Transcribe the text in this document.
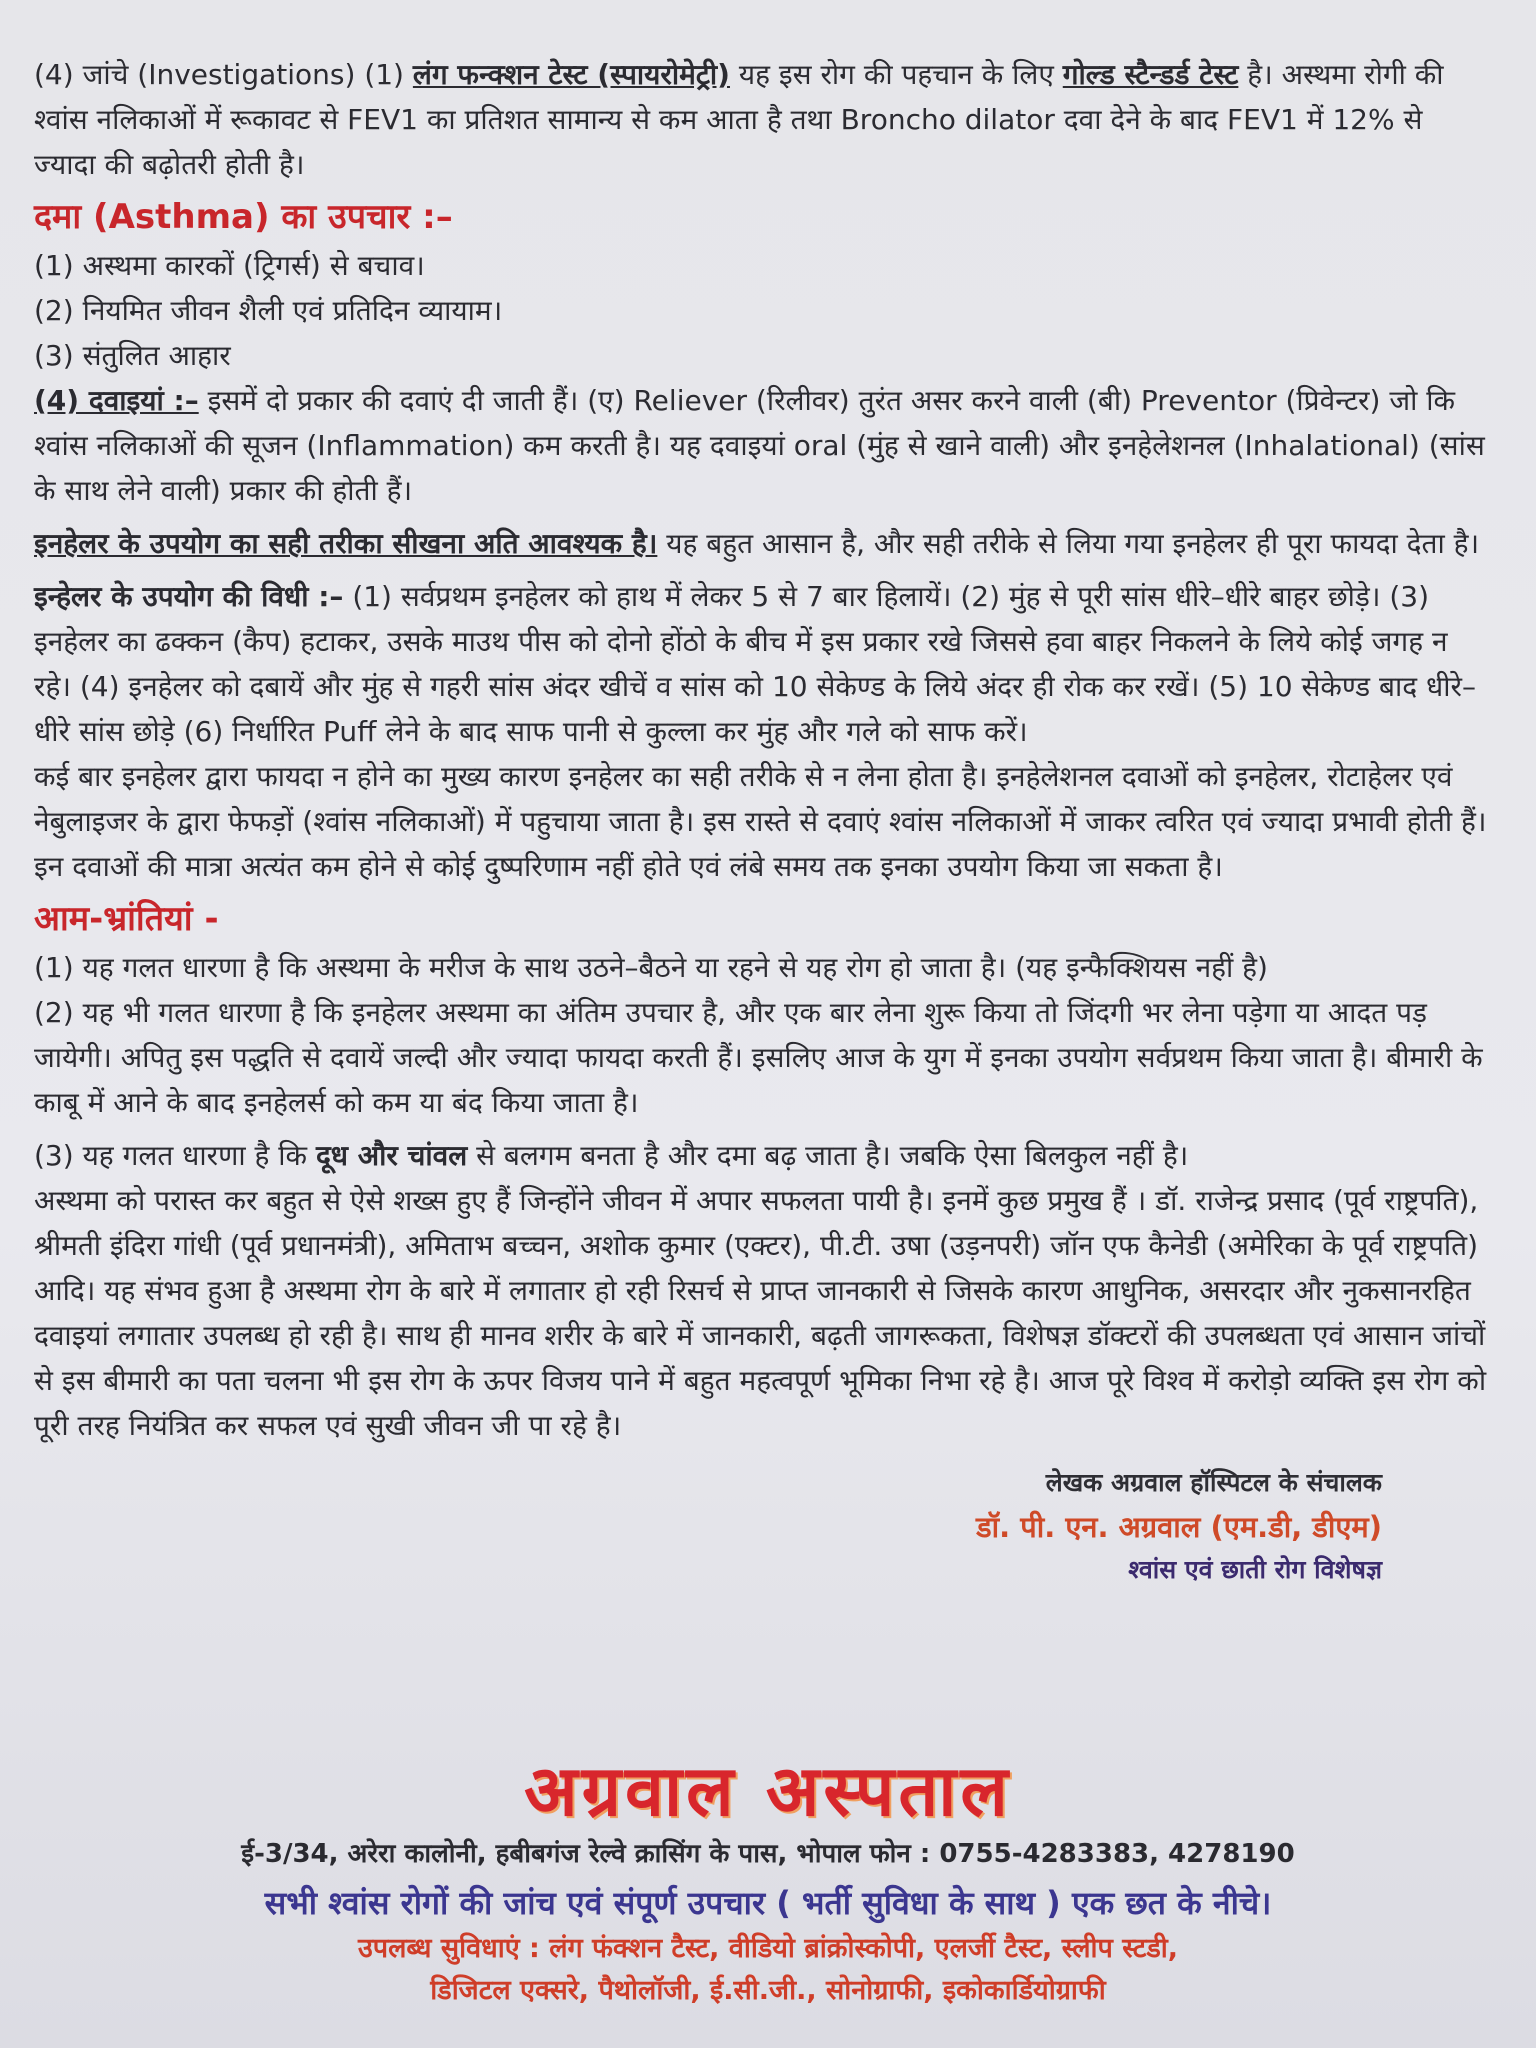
(4) जांचे (Investigations) (1) लंग फन्क्शन टेस्ट (स्पायरोमेट्री) यह इस रोग की पहचान के लिए गोल्ड स्टैन्डर्ड टेस्ट है। अस्थमा रोगी की श्वांस नलिकाओं में रूकावट से FEV1 का प्रतिशत सामान्य से कम आता है तथा Broncho dilator दवा देने के बाद FEV1 में 12% से ज्यादा की बढ़ोतरी होती है।

दमा (Asthma) का उपचार :–

(1) अस्थमा कारकों (ट्रिगर्स) से बचाव।

(2) नियमित जीवन शैली एवं प्रतिदिन व्यायाम।

(3) संतुलित आहार

(4) दवाइयां :– इसमें दो प्रकार की दवाएं दी जाती हैं। (ए) Reliever (रिलीवर) तुरंत असर करने वाली (बी) Preventor (प्रिवेन्टर) जो कि श्वांस नलिकाओं की सूजन (Inflammation) कम करती है। यह दवाइयां oral (मुंह से खाने वाली) और इनहेलेशनल (Inhalational) (सांस के साथ लेने वाली) प्रकार की होती हैं।

इनहेलर के उपयोग का सही तरीका सीखना अति आवश्यक है। यह बहुत आसान है, और सही तरीके से लिया गया इनहेलर ही पूरा फायदा देता है।

इन्हेलर के उपयोग की विधी :– (1) सर्वप्रथम इनहेलर को हाथ में लेकर 5 से 7 बार हिलायें। (2) मुंह से पूरी सांस धीरे–धीरे बाहर छोड़े। (3) इनहेलर का ढक्कन (कैप) हटाकर, उसके माउथ पीस को दोनो होंठो के बीच में इस प्रकार रखे जिससे हवा बाहर निकलने के लिये कोई जगह न रहे। (4) इनहेलर को दबायें और मुंह से गहरी सांस अंदर खीचें व सांस को 10 सेकेण्ड के लिये अंदर ही रोक कर रखें। (5) 10 सेकेण्ड बाद धीरे–धीरे सांस छोड़े (6) निर्धारित Puff लेने के बाद साफ पानी से कुल्ला कर मुंह और गले को साफ करें।

कई बार इनहेलर द्वारा फायदा न होने का मुख्य कारण इनहेलर का सही तरीके से न लेना होता है। इनहेलेशनल दवाओं को इनहेलर, रोटाहेलर एवं नेबुलाइजर के द्वारा फेफड़ों (श्वांस नलिकाओं) में पहुचाया जाता है। इस रास्ते से दवाएं श्वांस नलिकाओं में जाकर त्वरित एवं ज्यादा प्रभावी होती हैं। इन दवाओं की मात्रा अत्यंत कम होने से कोई दुष्परिणाम नहीं होते एवं लंबे समय तक इनका उपयोग किया जा सकता है।

आम-भ्रांतियां -

(1) यह गलत धारणा है कि अस्थमा के मरीज के साथ उठने–बैठने या रहने से यह रोग हो जाता है। (यह इन्फैक्शियस नहीं है)

(2) यह भी गलत धारणा है कि इनहेलर अस्थमा का अंतिम उपचार है, और एक बार लेना शुरू किया तो जिंदगी भर लेना पड़ेगा या आदत पड़ जायेगी। अपितु इस पद्धति से दवायें जल्दी और ज्यादा फायदा करती हैं। इसलिए आज के युग में इनका उपयोग सर्वप्रथम किया जाता है। बीमारी के काबू में आने के बाद इनहेलर्स को कम या बंद किया जाता है।

(3) यह गलत धारणा है कि दूध और चांवल से बलगम बनता है और दमा बढ़ जाता है। जबकि ऐसा बिलकुल नहीं है।

अस्थमा को परास्त कर बहुत से ऐसे शख्स हुए हैं जिन्होंने जीवन में अपार सफलता पायी है। इनमें कुछ प्रमुख हैं । डॉ. राजेन्द्र प्रसाद (पूर्व राष्ट्रपति), श्रीमती इंदिरा गांधी (पूर्व प्रधानमंत्री), अमिताभ बच्चन, अशोक कुमार (एक्टर), पी.टी. उषा (उड़नपरी) जॉन एफ कैनेडी (अमेरिका के पूर्व राष्ट्रपति) आदि। यह संभव हुआ है अस्थमा रोग के बारे में लगातार हो रही रिसर्च से प्राप्त जानकारी से जिसके कारण आधुनिक, असरदार और नुकसानरहित दवाइयां लगातार उपलब्ध हो रही है। साथ ही मानव शरीर के बारे में जानकारी, बढ़ती जागरूकता, विशेषज्ञ डॉक्टरों की उपलब्धता एवं आसान जांचों से इस बीमारी का पता चलना भी इस रोग के ऊपर विजय पाने में बहुत महत्वपूर्ण भूमिका निभा रहे है। आज पूरे विश्व में करोड़ो व्यक्ति इस रोग को पूरी तरह नियंत्रित कर सफल एवं सुखी जीवन जी पा रहे है।

लेखक अग्रवाल हॉस्पिटल के संचालक
डॉ. पी. एन. अग्रवाल (एम.डी, डीएम)
श्वांस एवं छाती रोग विशेषज्ञ
अग्रवाल अस्पताल
ई-3/34, अरेरा कालोनी, हबीबगंज रेल्वे क्रासिंग के पास, भोपाल फोन : 0755-4283383, 4278190
सभी श्वांस रोगों की जांच एवं संपूर्ण उपचार ( भर्ती सुविधा के साथ ) एक छत के नीचे।
उपलब्ध सुविधाएं : लंग फंक्शन टैस्ट, वीडियो ब्रांक्रोस्कोपी, एलर्जी टैस्ट, स्लीप स्टडी,
डिजिटल एक्सरे, पैथोलॉजी, ई.सी.जी., सोनोग्राफी, इकोकार्डियोग्राफी
